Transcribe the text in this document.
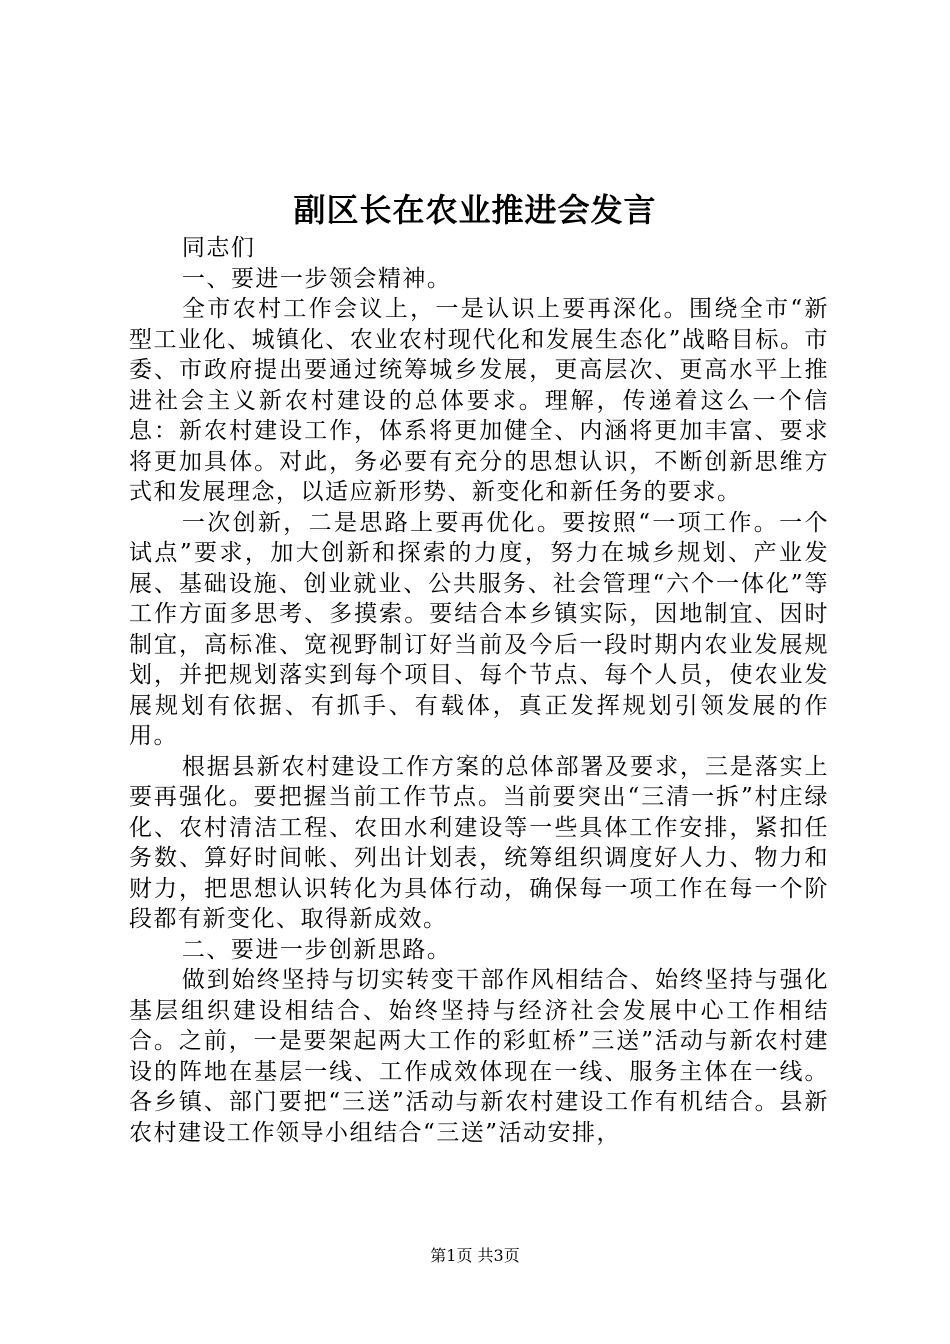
副区长在农业推进会发言

同志们

一、要进一步领会精神。

全市农村工作会议上，一是认识上要再深化。围绕全市“新型工业化、城镇化、农业农村现代化和发展生态化”战略目标。市委、市政府提出要通过统筹城乡发展，更高层次、更高水平上推进社会主义新农村建设的总体要求。理解，传递着这么一个信息：新农村建设工作，体系将更加健全、内涵将更加丰富、要求将更加具体。对此，务必要有充分的思想认识，不断创新思维方式和发展理念，以适应新形势、新变化和新任务的要求。

一次创新，二是思路上要再优化。要按照“一项工作。一个试点”要求，加大创新和探索的力度，努力在城乡规划、产业发展、基础设施、创业就业、公共服务、社会管理“六个一体化”等工作方面多思考、多摸索。要结合本乡镇实际，因地制宜、因时制宜，高标准、宽视野制订好当前及今后一段时期内农业发展规划，并把规划落实到每个项目、每个节点、每个人员，使农业发展规划有依据、有抓手、有载体，真正发挥规划引领发展的作用。

根据县新农村建设工作方案的总体部署及要求，三是落实上要再强化。要把握当前工作节点。当前要突出“三清一拆”村庄绿化、农村清洁工程、农田水利建设等一些具体工作安排，紧扣任务数、算好时间帐、列出计划表，统筹组织调度好人力、物力和财力，把思想认识转化为具体行动，确保每一项工作在每一个阶段都有新变化、取得新成效。

二、要进一步创新思路。

做到始终坚持与切实转变干部作风相结合、始终坚持与强化基层组织建设相结合、始终坚持与经济社会发展中心工作相结合。之前，一是要架起两大工作的彩虹桥”三送”活动与新农村建设的阵地在基层一线、工作成效体现在一线、服务主体在一线。各乡镇、部门要把“三送”活动与新农村建设工作有机结合。县新农村建设工作领导小组结合“三送”活动安排，

第1页 共3页
